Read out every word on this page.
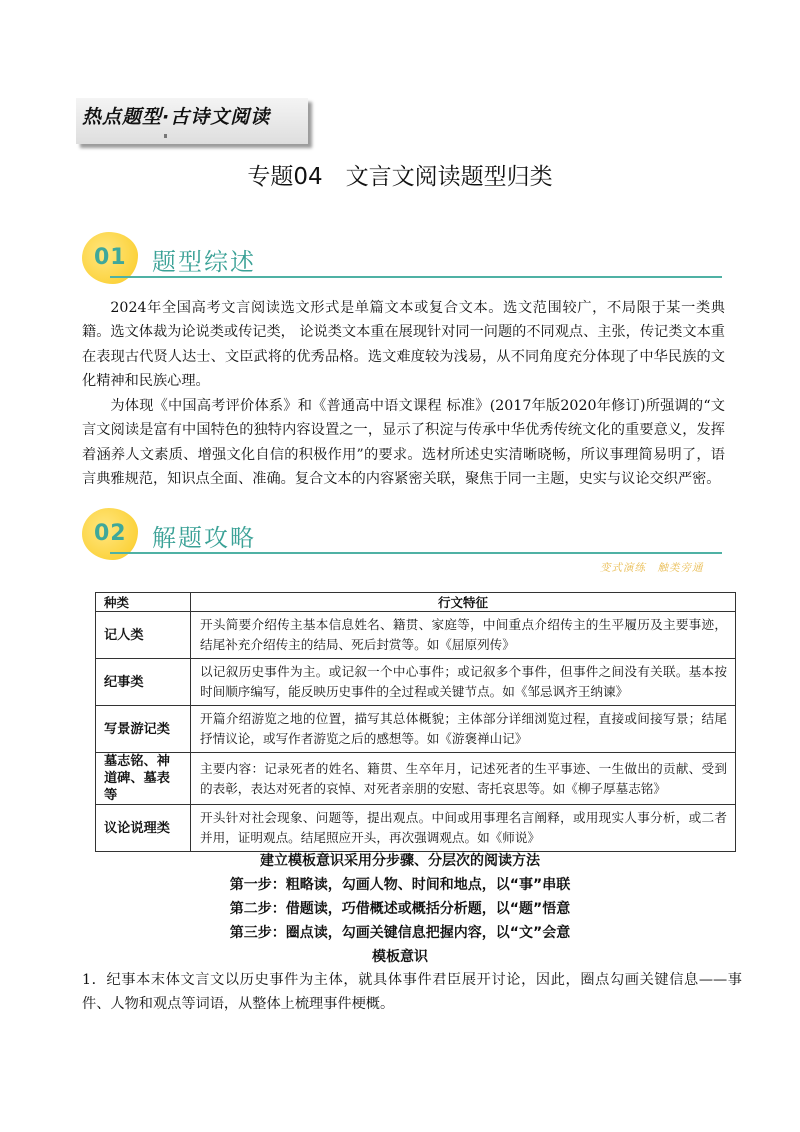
热点题型·古诗文阅读
专题04　文言文阅读题型归类
01 题型综述

2024年全国高考文言阅读选文形式是单篇文本或复合文本。选文范围较广，不局限于某一类典籍。选文体裁为论说类或传记类， 论说类文本重在展现针对同一问题的不同观点、主张，传记类文本重在表现古代贤人达士、文臣武将的优秀品格。选文难度较为浅易，从不同角度充分体现了中华民族的文化精神和民族心理。

为体现《中国高考评价体系》和《普通高中语文课程 标准》(2017年版2020年修订)所强调的“文言文阅读是富有中国特色的独特内容设置之一，显示了积淀与传承中华优秀传统文化的重要意义，发挥着涵养人文素质、增强文化自信的积极作用”的要求。选材所述史实清晰晓畅，所议事理简易明了，语言典雅规范，知识点全面、准确。复合文本的内容紧密关联，聚焦于同一主题，史实与议论交织严密。

02 解题攻略
变式演练　触类旁通
种类	行文特征
记人类	开头简要介绍传主基本信息姓名、籍贯、家庭等，中间重点介绍传主的生平履历及主要事迹，结尾补充介绍传主的结局、死后封赏等。如《屈原列传》
纪事类	以记叙历史事件为主。或记叙一个中心事件；或记叙多个事件，但事件之间没有关联。基本按时间顺序编写，能反映历史事件的全过程或关键节点。如《邹忌讽齐王纳谏》
写景游记类	开篇介绍游览之地的位置，描写其总体概貌；主体部分详细浏览过程，直接或间接写景；结尾抒情议论，或写作者游览之后的感想等。如《游褒禅山记》
墓志铭、神道碑、墓表等	主要内容：记录死者的姓名、籍贯、生卒年月，记述死者的生平事迹、一生做出的贡献、受到的表彰，表达对死者的哀悼、对死者亲朋的安慰、寄托哀思等。如《柳子厚墓志铭》
议论说理类	开头针对社会现象、问题等，提出观点。中间或用事理名言阐释，或用现实人事分析，或二者并用，证明观点。结尾照应开头，再次强调观点。如《师说》
建立模板意识采用分步骤、分层次的阅读方法
第一步：粗略读，勾画人物、时间和地点，以“事”串联
第二步：借题读，巧借概述或概括分析题，以“题”悟意
第三步：圈点读，勾画关键信息把握内容，以“文”会意
模板意识

1．纪事本末体文言文以历史事件为主体，就具体事件君臣展开讨论，因此，圈点勾画关键信息——事件、人物和观点等词语，从整体上梳理事件梗概。
